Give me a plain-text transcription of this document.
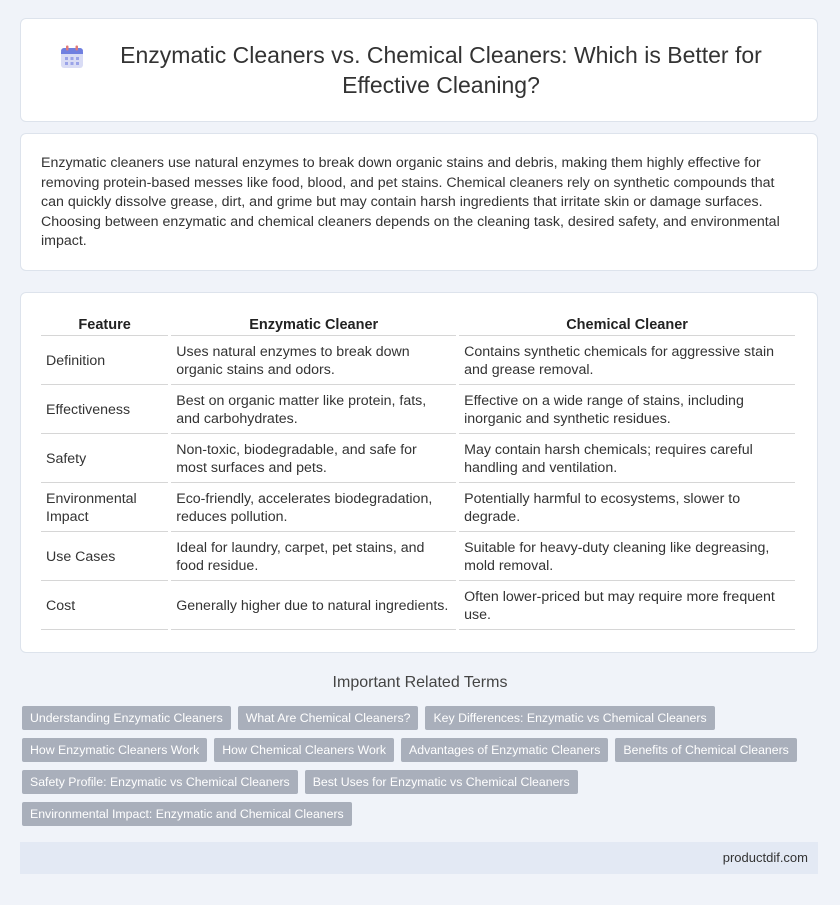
Enzymatic Cleaners vs. Chemical Cleaners: Which is Better for Effective Cleaning?

Enzymatic cleaners use natural enzymes to break down organic stains and debris, making them highly effective for removing protein-based messes like food, blood, and pet stains. Chemical cleaners rely on synthetic compounds that can quickly dissolve grease, dirt, and grime but may contain harsh ingredients that irritate skin or damage surfaces. Choosing between enzymatic and chemical cleaners depends on the cleaning task, desired safety, and environmental impact.

Feature	Enzymatic Cleaner	Chemical Cleaner
Definition	Uses natural enzymes to break down organic stains and odors.	Contains synthetic chemicals for aggressive stain and grease removal.
Effectiveness	Best on organic matter like protein, fats, and carbohydrates.	Effective on a wide range of stains, including inorganic and synthetic residues.
Safety	Non-toxic, biodegradable, and safe for most surfaces and pets.	May contain harsh chemicals; requires careful handling and ventilation.
Environmental Impact	Eco-friendly, accelerates biodegradation, reduces pollution.	Potentially harmful to ecosystems, slower to degrade.
Use Cases	Ideal for laundry, carpet, pet stains, and food residue.	Suitable for heavy-duty cleaning like degreasing, mold removal.
Cost	Generally higher due to natural ingredients.	Often lower-priced but may require more frequent use.
Important Related Terms
Understanding Enzymatic Cleaners	What Are Chemical Cleaners?	Key Differences: Enzymatic vs Chemical Cleaners
How Enzymatic Cleaners Work	How Chemical Cleaners Work	Advantages of Enzymatic Cleaners	Benefits of Chemical Cleaners
Safety Profile: Enzymatic vs Chemical Cleaners	Best Uses for Enzymatic vs Chemical Cleaners
Environmental Impact: Enzymatic and Chemical Cleaners
productdif.com
